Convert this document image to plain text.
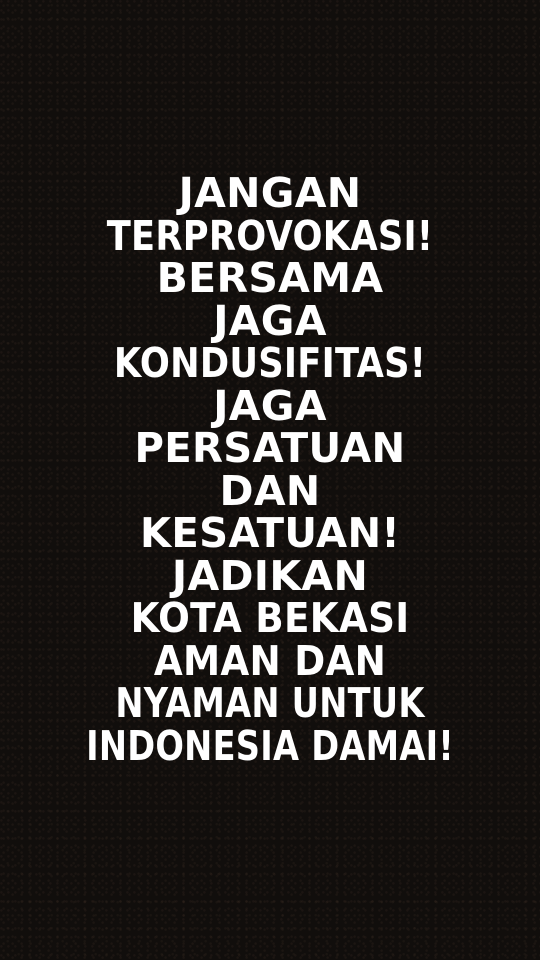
JANGAN
TERPROVOKASI!
BERSAMA
JAGA
KONDUSIFITAS!
JAGA
PERSATUAN
DAN
KESATUAN!
JADIKAN
KOTA BEKASI
AMAN DAN
NYAMAN UNTUK
INDONESIA DAMAI!
